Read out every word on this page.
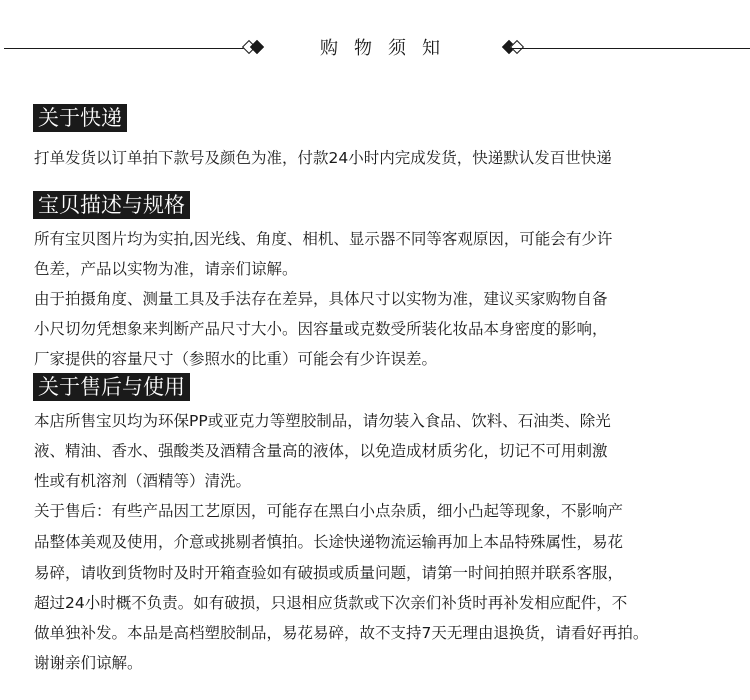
购物须知
关于快递
打单发货以订单拍下款号及颜色为准，付款24小时内完成发货，快递默认发百世快递
宝贝描述与规格
所有宝贝图片均为实拍,因光线、角度、相机、显示器不同等客观原因，可能会有少许
色差，产品以实物为准，请亲们谅解。
由于拍摄角度、测量工具及手法存在差异，具体尺寸以实物为准，建议买家购物自备
小尺切勿凭想象来判断产品尺寸大小。因容量或克数受所装化妆品本身密度的影响，
厂家提供的容量尺寸（参照水的比重）可能会有少许误差。
关于售后与使用
本店所售宝贝均为环保PP或亚克力等塑胶制品，请勿装入食品、饮料、石油类、除光
液、精油、香水、强酸类及酒精含量高的液体，以免造成材质劣化，切记不可用刺激
性或有机溶剂（酒精等）清洗。
关于售后：有些产品因工艺原因，可能存在黑白小点杂质，细小凸起等现象，不影响产
品整体美观及使用，介意或挑剔者慎拍。长途快递物流运输再加上本品特殊属性，易花
易碎，请收到货物时及时开箱查验如有破损或质量问题，请第一时间拍照并联系客服，
超过24小时概不负责。如有破损，只退相应货款或下次亲们补货时再补发相应配件，不
做单独补发。本品是高档塑胶制品，易花易碎，故不支持7天无理由退换货，请看好再拍。
谢谢亲们谅解。
